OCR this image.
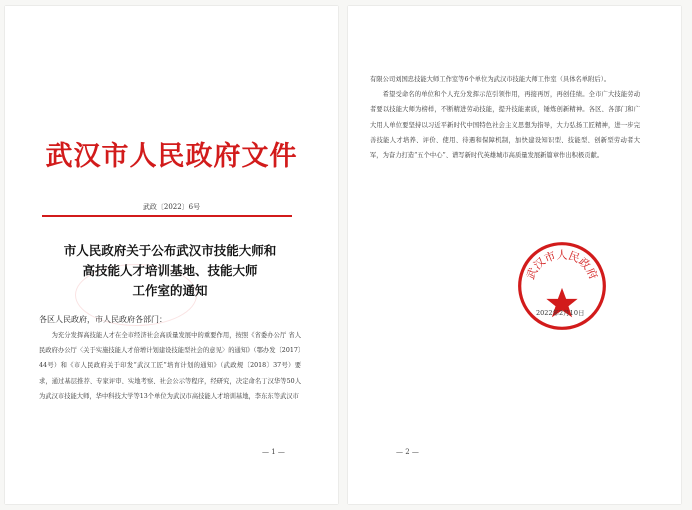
武汉市人民政府文件
武政〔2022〕6号

市人民政府关于公布武汉市技能大师和
高技能人才培训基地、技能大师
工作室的通知
各区人民政府，市人民政府各部门：
为充分发挥高技能人才在全市经济社会高质量发展中的重要作用，按照《省委办公厅 省人民政府办公厅〈关于实施技能人才倍增计划建设技能型社会的意见〉的通知》（鄂办发〔2017〕44号）和《市人民政府关于印发“武汉工匠”培育计划的通知》（武政规〔2018〕37号）要求，通过基层推荐、专家评审、实地考察、社会公示等程序，经研究，决定命名丁汉华等50人为武汉市技能大师，华中科技大学等13个单位为武汉市高技能人才培训基地，李东东等武汉市
— 1 —

有限公司刘国忠技能大师工作室等6个单位为武汉市技能大师工作室（具体名单附后）。

希望受命名的单位和个人充分发挥示范引领作用，再接再厉，再创佳绩。全市广大技能劳动者要以技能大师为榜样，不断精进劳动技能，提升技能素质，锤炼创新精神。各区、各部门和广大用人单位要坚持以习近平新时代中国特色社会主义思想为指导，大力弘扬工匠精神，进一步完善技能人才培养、评价、使用、待遇和保障机制，加快建设知识型、技能型、创新型劳动者大军，为奋力打造“五个中心”、谱写新时代英雄城市高质量发展新篇章作出积极贡献。

武汉市人民政府
2022年2月10日
— 2 —
